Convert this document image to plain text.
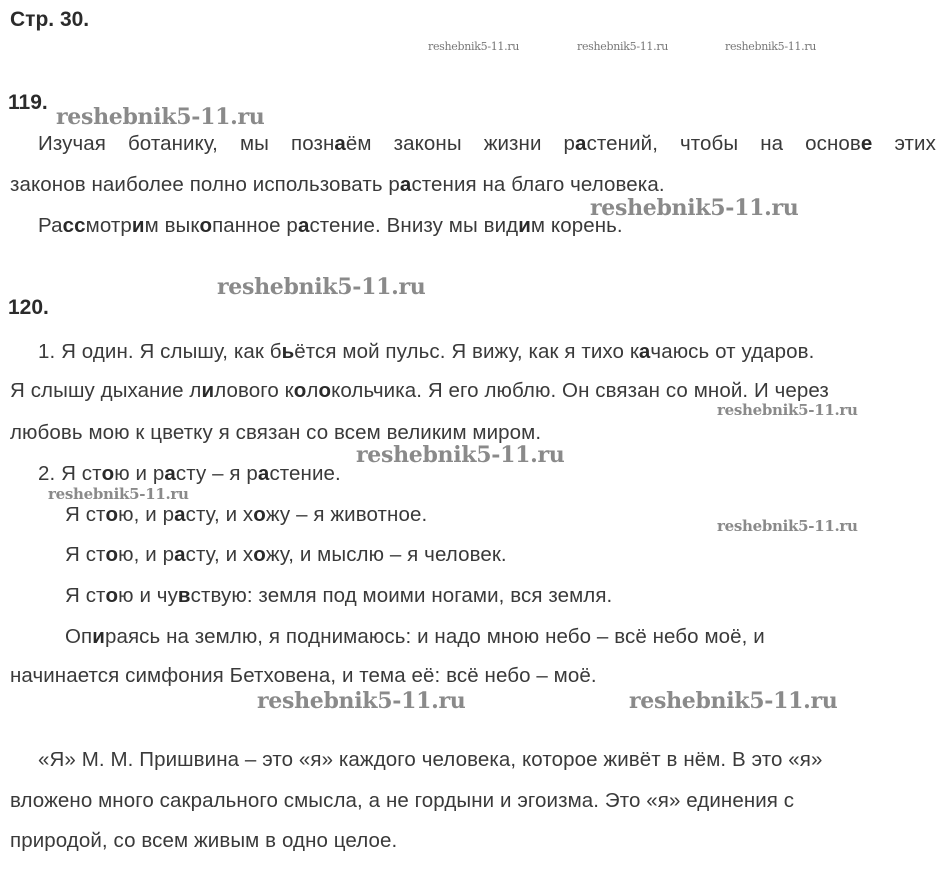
Стр. 30.
reshebnik5-11.ru	reshebnik5-11.ru	reshebnik5-11.ru
119.
reshebnik5-11.ru
Изучая ботанику, мы познаём законы жизни растений, чтобы на основе этих
законов наиболее полно использовать растения на благо человека.
reshebnik5-11.ru
Рассмотрим выкопанное растение. Внизу мы видим корень.
reshebnik5-11.ru
120.
1. Я один. Я слышу, как бьётся мой пульс. Я вижу, как я тихо качаюсь от ударов.
Я слышу дыхание лилового колокольчика. Я его люблю. Он связан со мной. И через
reshebnik5-11.ru
любовь мою к цветку я связан со всем великим миром.
reshebnik5-11.ru
2. Я стою и расту – я растение.
reshebnik5-11.ru
Я стою, и расту, и хожу – я животное.	reshebnik5-11.ru
Я стою, и расту, и хожу, и мыслю – я человек.
Я стою и чувствую: земля под моими ногами, вся земля.
Опираясь на землю, я поднимаюсь: и надо мною небо – всё небо моё, и
начинается симфония Бетховена, и тема её: всё небо – моё.
reshebnik5-11.ru	reshebnik5-11.ru
«Я» М. М. Пришвина – это «я» каждого человека, которое живёт в нём. В это «я»
вложено много сакрального смысла, а не гордыни и эгоизма. Это «я» единения с
природой, со всем живым в одно целое.
